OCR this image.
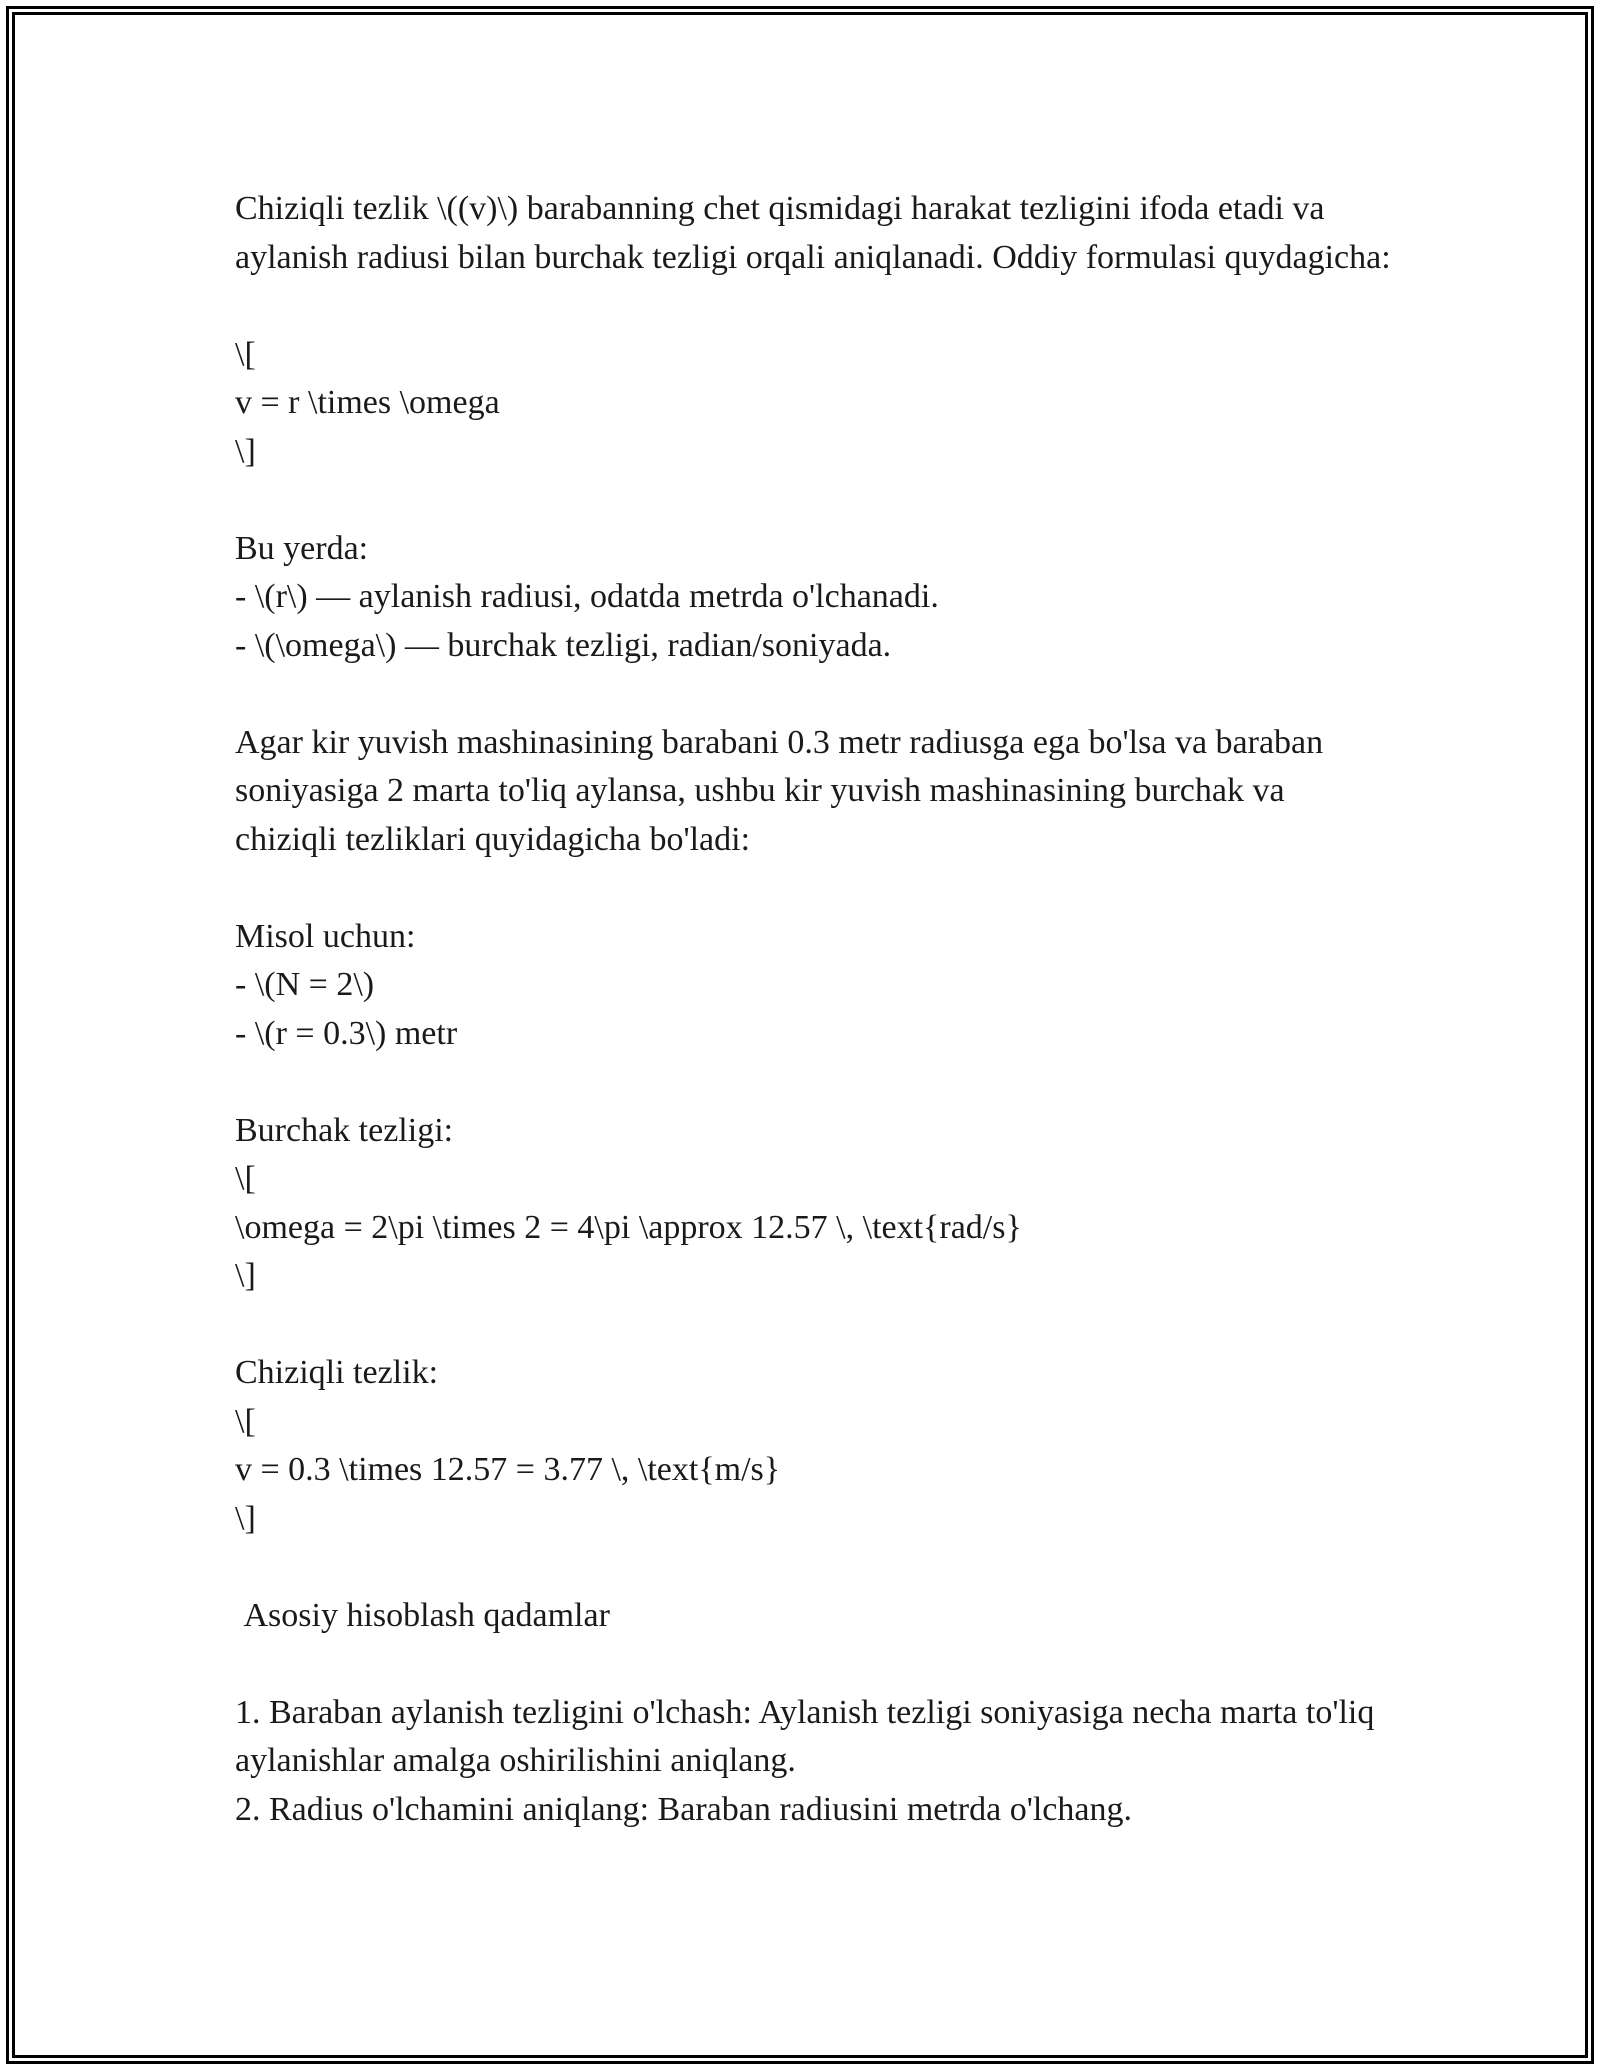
Chiziqli tezlik \((v)\) barabanning chet qismidagi harakat tezligini ifoda etadi va aylanish radiusi bilan burchak tezligi orqali aniqlanadi. Oddiy formulasi quydagicha:

\[

v = r \times \omega

\]

Bu yerda:

- \(r\) — aylanish radiusi, odatda metrda o'lchanadi.

- \(\omega\) — burchak tezligi, radian/soniyada.

Agar kir yuvish mashinasining barabani 0.3 metr radiusga ega bo'lsa va baraban soniyasiga 2 marta to'liq aylansa, ushbu kir yuvish mashinasining burchak va chiziqli tezliklari quyidagicha bo'ladi:

Misol uchun:

- \(N = 2\)

- \(r = 0.3\) metr

Burchak tezligi:

\[

\omega = 2\pi \times 2 = 4\pi \approx 12.57 \, \text{rad/s}

\]

Chiziqli tezlik:

\[

v = 0.3 \times 12.57 = 3.77 \, \text{m/s}

\]

Asosiy hisoblash qadamlar

1. Baraban aylanish tezligini o'lchash: Aylanish tezligi soniyasiga necha marta to'liq aylanishlar amalga oshirilishini aniqlang.

2. Radius o'lchamini aniqlang: Baraban radiusini metrda o'lchang.
